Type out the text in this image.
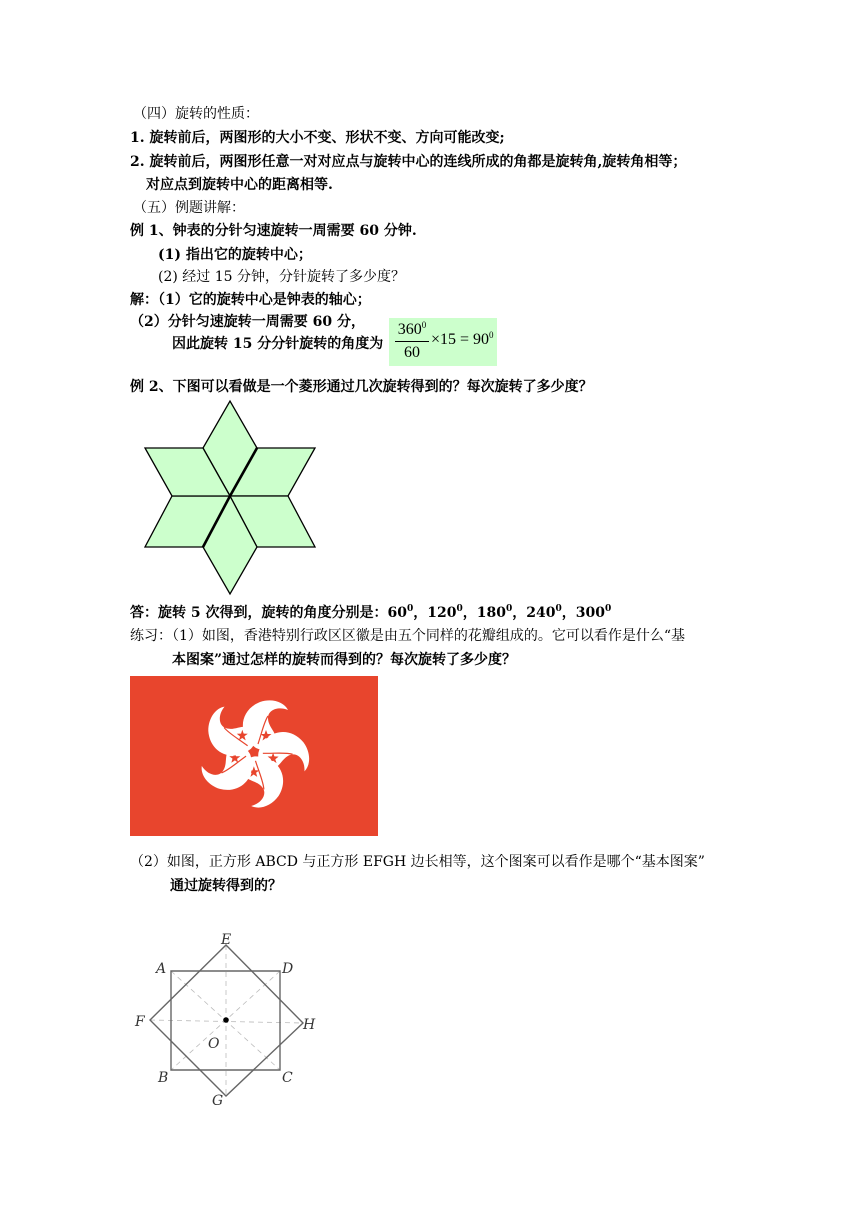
（四）旋转的性质：
1. 旋转前后，两图形的大小不变、形状不变、方向可能改变;
2. 旋转前后，两图形任意一对对应点与旋转中心的连线所成的角都是旋转角,旋转角相等；
对应点到旋转中心的距离相等.
（五）例题讲解：
例 1、钟表的分针匀速旋转一周需要 60 分钟.
(1) 指出它的旋转中心；
(2) 经过 15 分钟，分针旋转了多少度？
解：（1）它的旋转中心是钟表的轴心；
（2）分针匀速旋转一周需要 60 分，
因此旋转 15 分分针旋转的角度为
$360^0$
60
$\times 15 = 90^0$
例 2、下图可以看做是一个菱形通过几次旋转得到的？每次旋转了多少度？
答：旋转 5 次得到，旋转的角度分别是：$60^0$，$120^0$，$180^0$，$240^0$，$300^0$
练习：（1）如图，香港特别行政区区徽是由五个同样的花瓣组成的。它可以看作是什么“基
本图案”通过怎样的旋转而得到的？每次旋转了多少度？
（2）如图，正方形 ABCD 与正方形 EFGH 边长相等，这个图案可以看作是哪个“基本图案”
通过旋转得到的？
A	D
E
F	H
O
B	C
G
